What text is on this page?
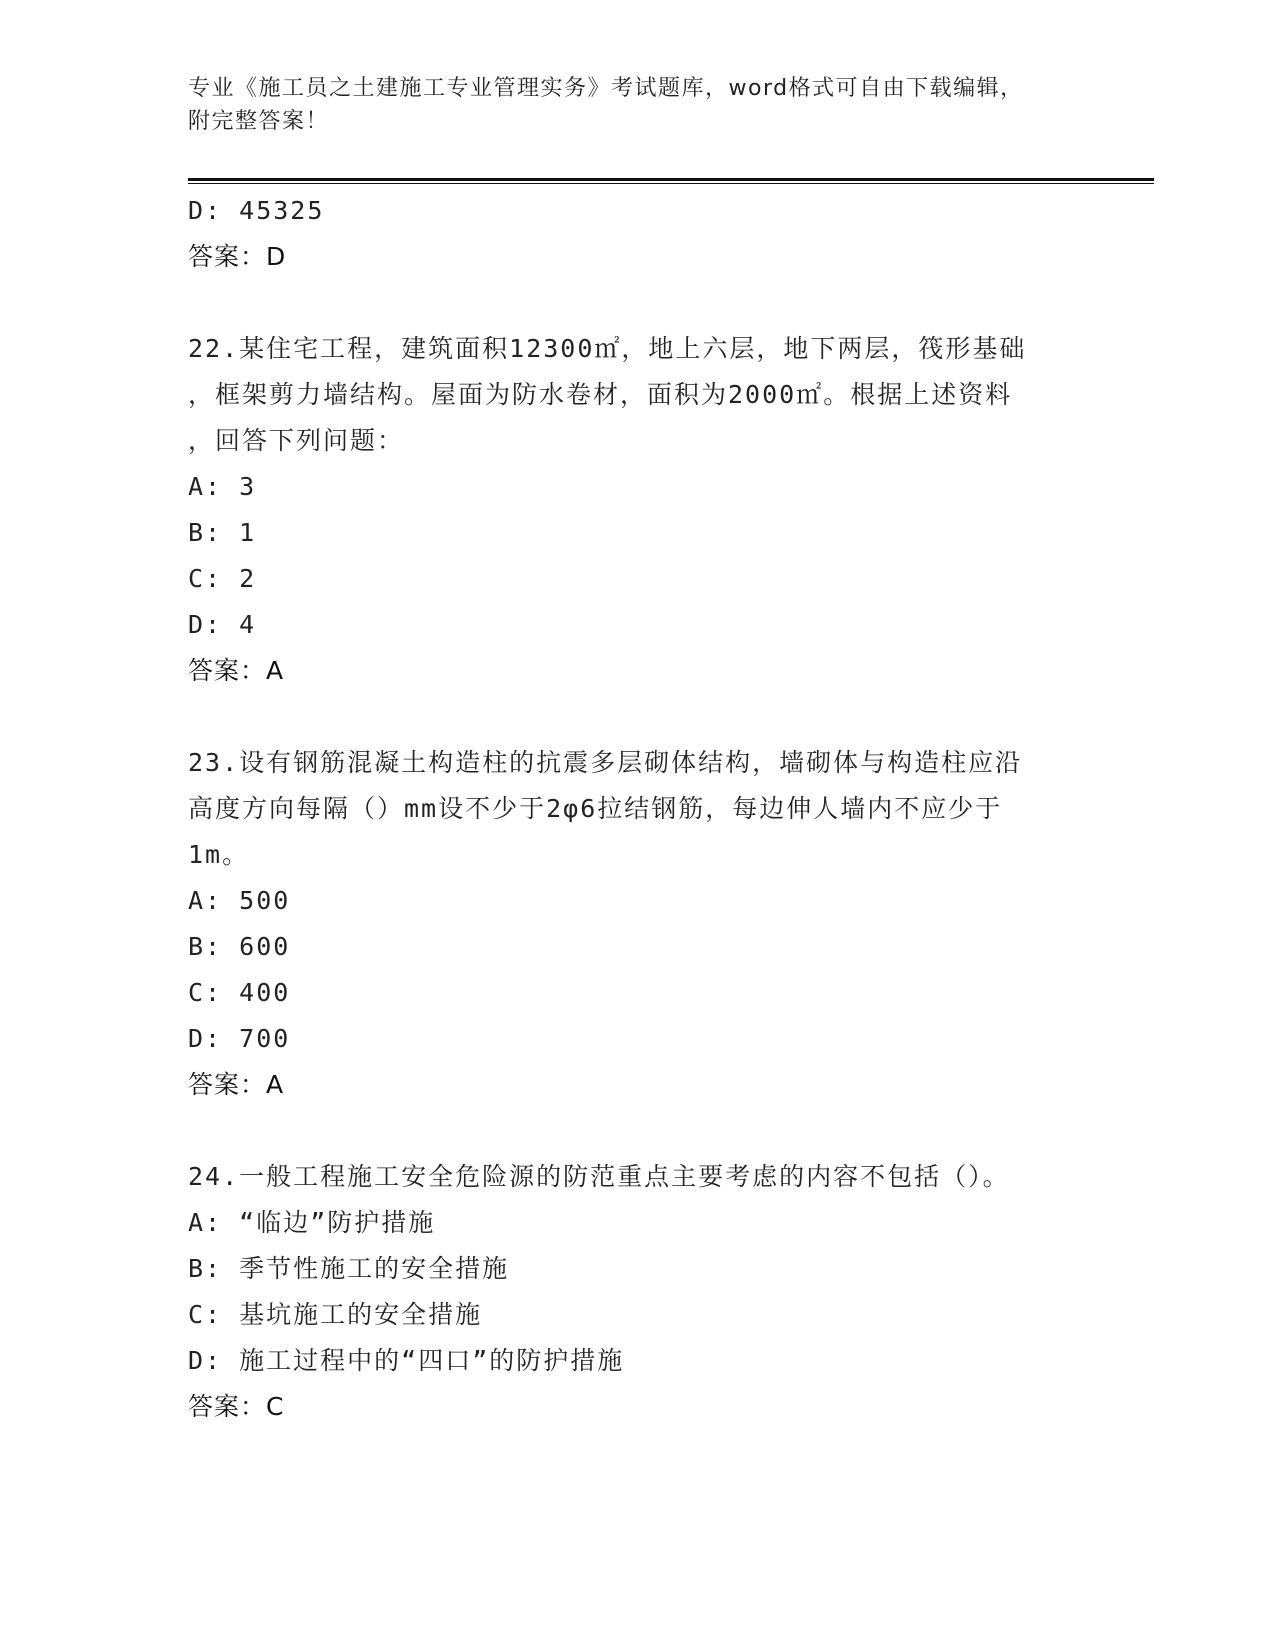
专业《施工员之土建施工专业管理实务》考试题库，word格式可自由下载编辑，
附完整答案！
D: 45325
答案：D
22.某住宅工程，建筑面积12300㎡，地上六层，地下两层，筏形基础
，框架剪力墙结构。屋面为防水卷材，面积为2000㎡。根据上述资料
，回答下列问题：
A: 3
B: 1
C: 2
D: 4
答案：A
23.设有钢筋混凝土构造柱的抗震多层砌体结构，墙砌体与构造柱应沿
高度方向每隔（）mm设不少于2φ6拉结钢筋，每边伸人墙内不应少于
1m。
A: 500
B: 600
C: 400
D: 700
答案：A
24.一般工程施工安全危险源的防范重点主要考虑的内容不包括（）。
A: “临边”防护措施
B: 季节性施工的安全措施
C: 基坑施工的安全措施
D: 施工过程中的“四口”的防护措施
答案：C
